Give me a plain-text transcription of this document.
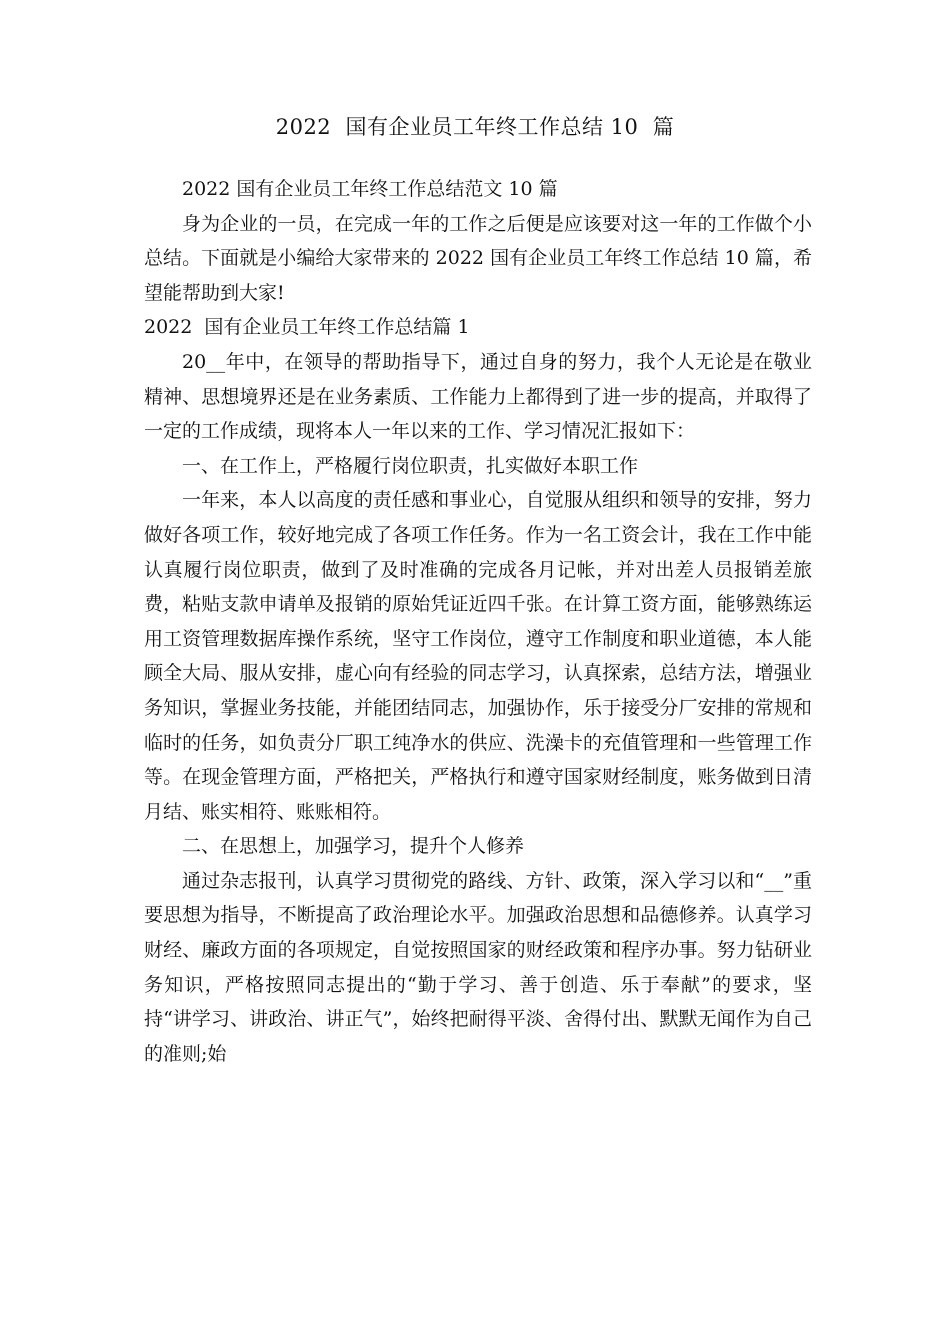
2022  国有企业员工年终工作总结 10  篇

2022 国有企业员工年终工作总结范文 10 篇

身为企业的一员，在完成一年的工作之后便是应该要对这一年的工作做个小总结。下面就是小编给大家带来的 2022 国有企业员工年终工作总结 10 篇，希望能帮助到大家!

2022  国有企业员工年终工作总结篇 1

20__年中，在领导的帮助指导下，通过自身的努力，我个人无论是在敬业精神、思想境界还是在业务素质、工作能力上都得到了进一步的提高，并取得了一定的工作成绩，现将本人一年以来的工作、学习情况汇报如下：

一、在工作上，严格履行岗位职责，扎实做好本职工作

一年来，本人以高度的责任感和事业心，自觉服从组织和领导的安排，努力做好各项工作，较好地完成了各项工作任务。作为一名工资会计，我在工作中能认真履行岗位职责，做到了及时准确的完成各月记帐，并对出差人员报销差旅费，粘贴支款申请单及报销的原始凭证近四千张。在计算工资方面，能够熟练运用工资管理数据库操作系统，坚守工作岗位，遵守工作制度和职业道德，本人能顾全大局、服从安排，虚心向有经验的同志学习，认真探索，总结方法，增强业务知识，掌握业务技能，并能团结同志，加强协作，乐于接受分厂安排的常规和临时的任务，如负责分厂职工纯净水的供应、洗澡卡的充值管理和一些管理工作等。在现金管理方面，严格把关，严格执行和遵守国家财经制度，账务做到日清月结、账实相符、账账相符。

二、在思想上，加强学习，提升个人修养

通过杂志报刊，认真学习贯彻党的路线、方针、政策，深入学习以和“__”重要思想为指导，不断提高了政治理论水平。加强政治思想和品德修养。认真学习财经、廉政方面的各项规定，自觉按照国家的财经政策和程序办事。努力钻研业务知识，严格按照同志提出的“勤于学习、善于创造、乐于奉献”的要求，坚持“讲学习、讲政治、讲正气”，始终把耐得平淡、舍得付出、默默无闻作为自己的准则;始
